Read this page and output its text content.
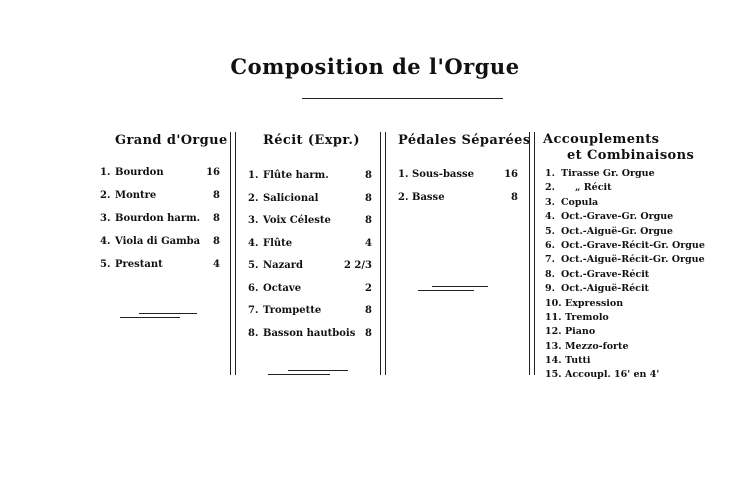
Composition de l'Orgue
Grand d'Orgue
1. Bourdon	16
2. Montre	8
3. Bourdon harm. 8
4. Viola di Gamba 8
5. Prestant	4
Récit (Expr.)
1. Flûte harm.	8
2. Salicional	8
3. Voix Céleste	8
4. Flûte	4
5. Nazard	2 2/3
6. Octave	2
7. Trompette	8
8. Basson hautbois 8
Pédales Séparées
1. Sous-basse	16
2. Basse	8
Accouplements
et Combinaisons
1. Tirasse Gr. Orgue
2. „ Récit
3. Copula
4. Oct.-Grave-Gr. Orgue
5. Oct.-Aiguë-Gr. Orgue
6. Oct.-Grave-Récit-Gr. Orgue
7. Oct.-Aiguë-Récit-Gr. Orgue
8. Oct.-Grave-Récit
9. Oct.-Aiguë-Récit
10. Expression
11. Tremolo
12. Piano
13. Mezzo-forte
14. Tutti
15. Accoupl. 16' en 4'
